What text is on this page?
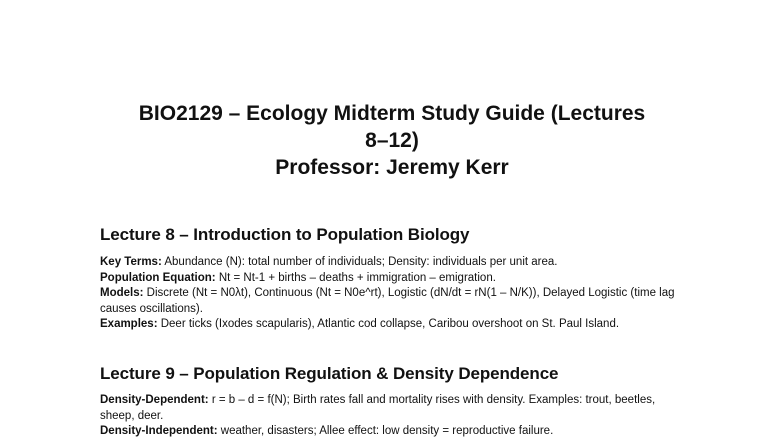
BIO2129 – Ecology Midterm Study Guide (Lectures
8–12)
Professor: Jeremy Kerr
Lecture 8 – Introduction to Population Biology

Key Terms: Abundance (N): total number of individuals; Density: individuals per unit area.

Population Equation: Nt = Nt-1 + births – deaths + immigration – emigration.

Models: Discrete (Nt = N0λt), Continuous (Nt = N0e^rt), Logistic (dN/dt = rN(1 – N/K)), Delayed Logistic (time lag causes oscillations).

Examples: Deer ticks (Ixodes scapularis), Atlantic cod collapse, Caribou overshoot on St. Paul Island.

Lecture 9 – Population Regulation & Density Dependence

Density-Dependent: r = b – d = f(N); Birth rates fall and mortality rises with density. Examples: trout, beetles, sheep, deer.

Density-Independent: weather, disasters; Allee effect: low density = reproductive failure.
